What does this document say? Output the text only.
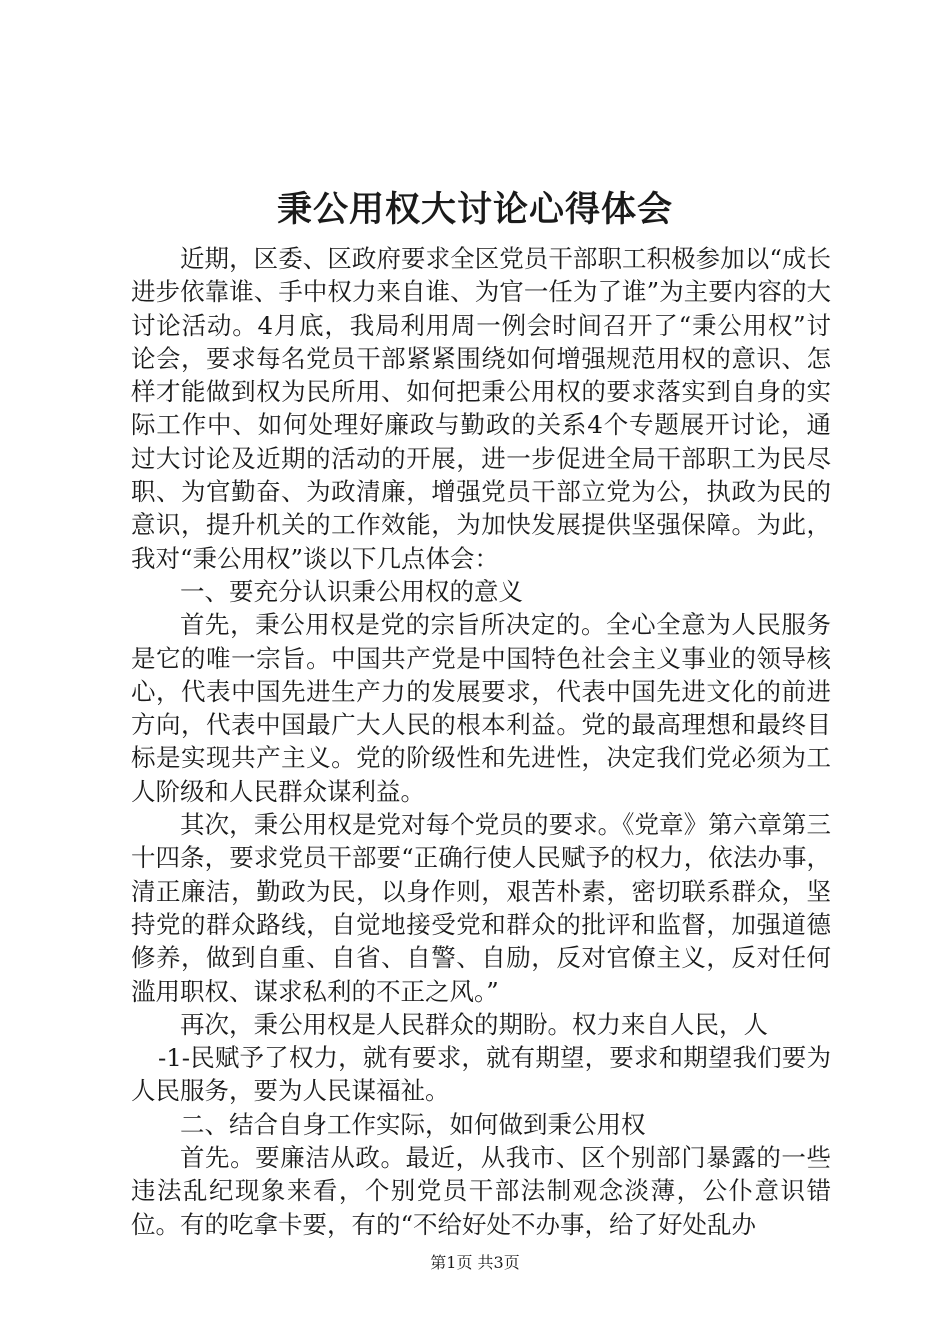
秉公用权大讨论心得体会

近期，区委、区政府要求全区党员干部职工积极参加以“成长进步依靠谁、手中权力来自谁、为官一任为了谁”为主要内容的大讨论活动。4月底，我局利用周一例会时间召开了“秉公用权”讨论会，要求每名党员干部紧紧围绕如何增强规范用权的意识、怎样才能做到权为民所用、如何把秉公用权的要求落实到自身的实际工作中、如何处理好廉政与勤政的关系4个专题展开讨论，通过大讨论及近期的活动的开展，进一步促进全局干部职工为民尽职、为官勤奋、为政清廉，增强党员干部立党为公，执政为民的意识，提升机关的工作效能，为加快发展提供坚强保障。为此，我对“秉公用权”谈以下几点体会：

一、要充分认识秉公用权的意义

首先，秉公用权是党的宗旨所决定的。全心全意为人民服务是它的唯一宗旨。中国共产党是中国特色社会主义事业的领导核心，代表中国先进生产力的发展要求，代表中国先进文化的前进方向，代表中国最广大人民的根本利益。党的最高理想和最终目标是实现共产主义。党的阶级性和先进性，决定我们党必须为工人阶级和人民群众谋利益。

其次，秉公用权是党对每个党员的要求。《党章》第六章第三十四条，要求党员干部要“正确行使人民赋予的权力，依法办事，清正廉洁，勤政为民，以身作则，艰苦朴素，密切联系群众，坚持党的群众路线，自觉地接受党和群众的批评和监督，加强道德修养，做到自重、自省、自警、自励，反对官僚主义，反对任何滥用职权、谋求私利的不正之风。”

再次，秉公用权是人民群众的期盼。权力来自人民，人

-1-民赋予了权力，就有要求，就有期望，要求和期望我们要为人民服务，要为人民谋福祉。

二、结合自身工作实际，如何做到秉公用权

首先。要廉洁从政。最近，从我市、区个别部门暴露的一些违法乱纪现象来看，个别党员干部法制观念淡薄，公仆意识错位。有的吃拿卡要，有的“不给好处不办事，给了好处乱办

第1页 共3页
